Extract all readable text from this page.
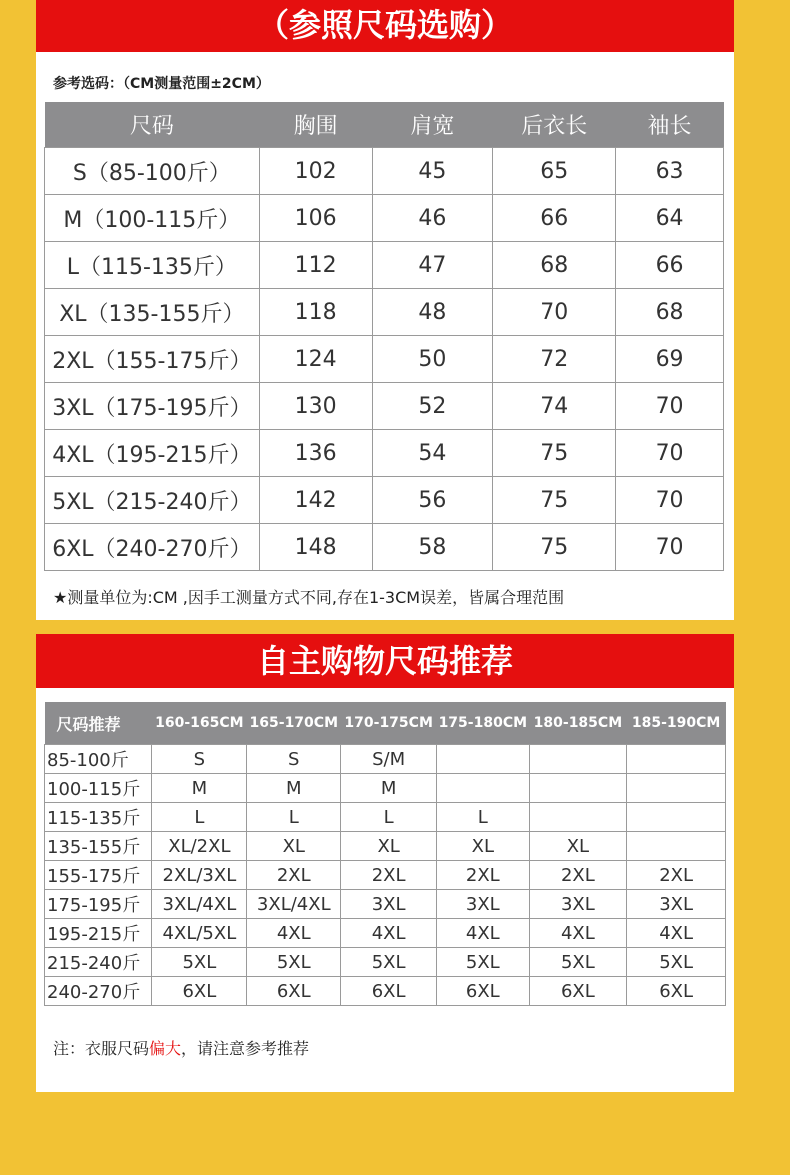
（参照尺码选购）
参考选码：（CM测量范围±2CM）
尺码	胸围	肩宽	后衣长	袖长
S（85-100斤）	102	45	65	63
M（100-115斤）	106	46	66	64
L（115-135斤）	112	47	68	66
XL（135-155斤）	118	48	70	68
2XL（155-175斤）	124	50	72	69
3XL（175-195斤）	130	52	74	70
4XL（195-215斤）	136	54	75	70
5XL（215-240斤）	142	56	75	70
6XL（240-270斤）	148	58	75	70
★测量单位为:CM ,因手工测量方式不同,存在1-3CM误差，皆属合理范围
自主购物尺码推荐
尺码推荐	160-165CM	165-170CM	170-175CM	175-180CM	180-185CM	185-190CM
85-100斤	S	S	S/M			
100-115斤	M	M	M			
115-135斤	L	L	L	L		
135-155斤	XL/2XL	XL	XL	XL	XL	
155-175斤	2XL/3XL	2XL	2XL	2XL	2XL	2XL
175-195斤	3XL/4XL	3XL/4XL	3XL	3XL	3XL	3XL
195-215斤	4XL/5XL	4XL	4XL	4XL	4XL	4XL
215-240斤	5XL	5XL	5XL	5XL	5XL	5XL
240-270斤	6XL	6XL	6XL	6XL	6XL	6XL
注：衣服尺码偏大，请注意参考推荐
